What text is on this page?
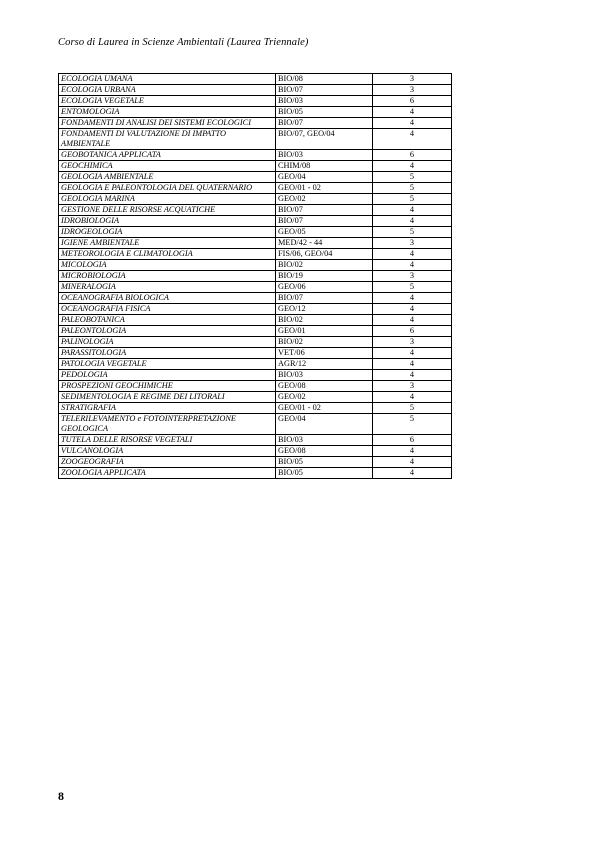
Corso di Laurea in Scienze Ambientali (Laurea Triennale)
ECOLOGIA UMANA	BIO/08	3
ECOLOGIA URBANA	BIO/07	3
ECOLOGIA VEGETALE	BIO/03	6
ENTOMOLOGIA	BIO/05	4
FONDAMENTI DI ANALISI DEI SISTEMI ECOLOGICI	BIO/07	4
FONDAMENTI DI VALUTAZIONE DI IMPATTO AMBIENTALE	BIO/07, GEO/04	4
GEOBOTANICA APPLICATA	BIO/03	6
GEOCHIMICA	CHIM/08	4
GEOLOGIA AMBIENTALE	GEO/04	5
GEOLOGIA E PALEONTOLOGIA DEL QUATERNARIO	GEO/01 - 02	5
GEOLOGIA MARINA	GEO/02	5
GESTIONE DELLE RISORSE ACQUATICHE	BIO/07	4
IDROBIOLOGIA	BIO/07	4
IDROGEOLOGIA	GEO/05	5
IGIENE AMBIENTALE	MED/42 - 44	3
METEOROLOGIA E CLIMATOLOGIA	FIS/06, GEO/04	4
MICOLOGIA	BIO/02	4
MICROBIOLOGIA	BIO/19	3
MINERALOGIA	GEO/06	5
OCEANOGRAFIA BIOLOGICA	BIO/07	4
OCEANOGRAFIA FISICA	GEO/12	4
PALEOBOTANICA	BIO/02	4
PALEONTOLOGIA	GEO/01	6
PALINOLOGIA	BIO/02	3
PARASSITOLOGIA	VET/06	4
PATOLOGIA VEGETALE	AGR/12	4
PEDOLOGIA	BIO/03	4
PROSPEZIONI GEOCHIMICHE	GEO/08	3
SEDIMENTOLOGIA E REGIME DEI LITORALI	GEO/02	4
STRATIGRAFIA	GEO/01 - 02	5
TELERILEVAMENTO e FOTOINTERPRETAZIONE GEOLOGICA	GEO/04	5
TUTELA DELLE RISORSE VEGETALI	BIO/03	6
VULCANOLOGIA	GEO/08	4
ZOOGEOGRAFIA	BIO/05	4
ZOOLOGIA APPLICATA	BIO/05	4
8
